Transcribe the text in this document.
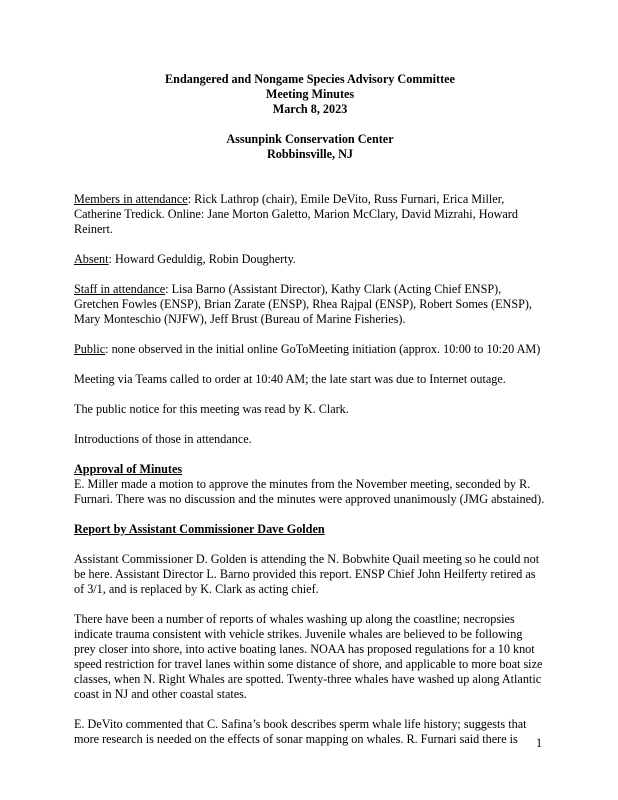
Endangered and Nongame Species Advisory Committee

Meeting Minutes

March 8, 2023

Assunpink Conservation Center

Robbinsville, NJ

Members in attendance: Rick Lathrop (chair), Emile DeVito, Russ Furnari, Erica Miller, Catherine Tredick. Online: Jane Morton Galetto, Marion McClary, David Mizrahi, Howard Reinert.

Absent: Howard Geduldig, Robin Dougherty.

Staff in attendance: Lisa Barno (Assistant Director), Kathy Clark (Acting Chief ENSP), Gretchen Fowles (ENSP), Brian Zarate (ENSP), Rhea Rajpal (ENSP), Robert Somes (ENSP), Mary Monteschio (NJFW), Jeff Brust (Bureau of Marine Fisheries).

Public: none observed in the initial online GoToMeeting initiation (approx. 10:00 to 10:20 AM)

Meeting via Teams called to order at 10:40 AM; the late start was due to Internet outage.

The public notice for this meeting was read by K. Clark.

Introductions of those in attendance.

Approval of Minutes

E. Miller made a motion to approve the minutes from the November meeting, seconded by R. Furnari. There was no discussion and the minutes were approved unanimously (JMG abstained).

Report by Assistant Commissioner Dave Golden

Assistant Commissioner D. Golden is attending the N. Bobwhite Quail meeting so he could not be here. Assistant Director L. Barno provided this report. ENSP Chief John Heilferty retired as of 3/1, and is replaced by K. Clark as acting chief.

There have been a number of reports of whales washing up along the coastline; necropsies indicate trauma consistent with vehicle strikes. Juvenile whales are believed to be following prey closer into shore, into active boating lanes. NOAA has proposed regulations for a 10 knot speed restriction for travel lanes within some distance of shore, and applicable to more boat size classes, when N. Right Whales are spotted. Twenty-three whales have washed up along Atlantic coast in NJ and other coastal states.

E. DeVito commented that C. Safina’s book describes sperm whale life history; suggests that more research is needed on the effects of sonar mapping on whales. R. Furnari said there is	1
